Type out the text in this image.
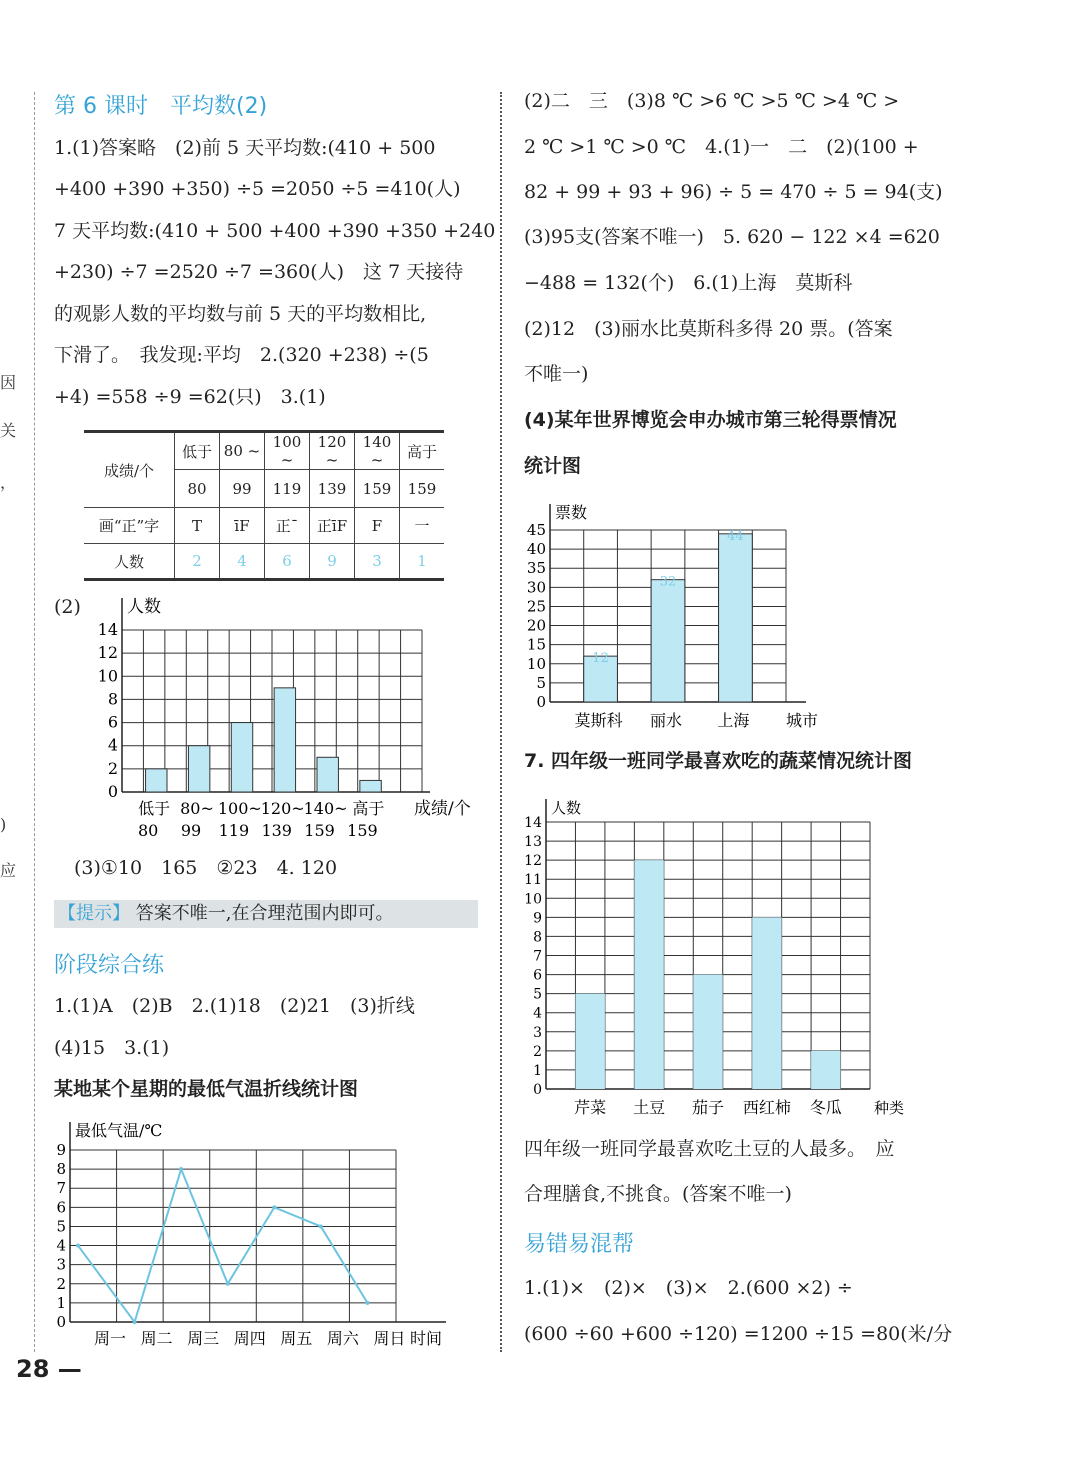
因
关
，
)
应
第 6 课时　平均数(2)
1.(1)答案略　(2)前 5 天平均数:(410 + 500
+400 +390 +350) ÷5 =2050 ÷5 =410(人)
7 天平均数:(410 + 500 +400 +390 +350 +240
+230) ÷7 =2520 ÷7 =360(人)　这 7 天接待
的观影人数的平均数与前 5 天的平均数相比,
下滑了。　我发现:平均　2.(320 +238) ÷(5
+4) =558 ÷9 =62(只)　3.(1)
成绩/个	低于	80 ~	100 ~	120 ~	140 ~	高于
	80	99	119	139	159	159
画“正”字	T	īF	正¯	正īF	F	一
人数	2	4	6	9	3	1
(2)
0
2
4
6
8
10
12
14
人数
成绩/个
低于
80
80~
99
100~
119
120~
139
140~
159
高于
159
(3)①10　165　②23　4. 120
【提示】 答案不唯一,在合理范围内即可。
阶段综合练
1.(1)A　(2)B　2.(1)18　(2)21　(3)折线
(4)15　3.(1)
某地某个星期的最低气温折线统计图
0
1
2
3
4
5
6
7
8
9
最低气温/℃
时间
周一 周二 周三 周四 周五 周六 周日
28 —
(2)二　三　(3)8 ℃ >6 ℃ >5 ℃ >4 ℃ >
2 ℃ >1 ℃ >0 ℃　4.(1)一　二　(2)(100 +
82 + 99 + 93 + 96) ÷ 5 = 470 ÷ 5 = 94(支)
(3)95支(答案不唯一)　5. 620 − 122 ×4 =620
−488 = 132(个)　6.(1)上海　莫斯科
(2)12　(3)丽水比莫斯科多得 20 票。(答案
不唯一)
(4)某年世界博览会申办城市第三轮得票情况
统计图
0
5
10
15
20
25
30
35
40
45
票数
城市
12
莫斯科
32
丽水
44
上海
7. 四年级一班同学最喜欢吃的蔬菜情况统计图
0
1
2
3
4
5
6
7
8
9
10
11
12
13
14
人数
种类
芹菜 土豆 茄子 西红柿 冬瓜
四年级一班同学最喜欢吃土豆的人最多。　应
合理膳食,不挑食。(答案不唯一)
易错易混帮
1.(1)×　(2)×　(3)×　2.(600 ×2) ÷
(600 ÷60 +600 ÷120) =1200 ÷15 =80(米/分
